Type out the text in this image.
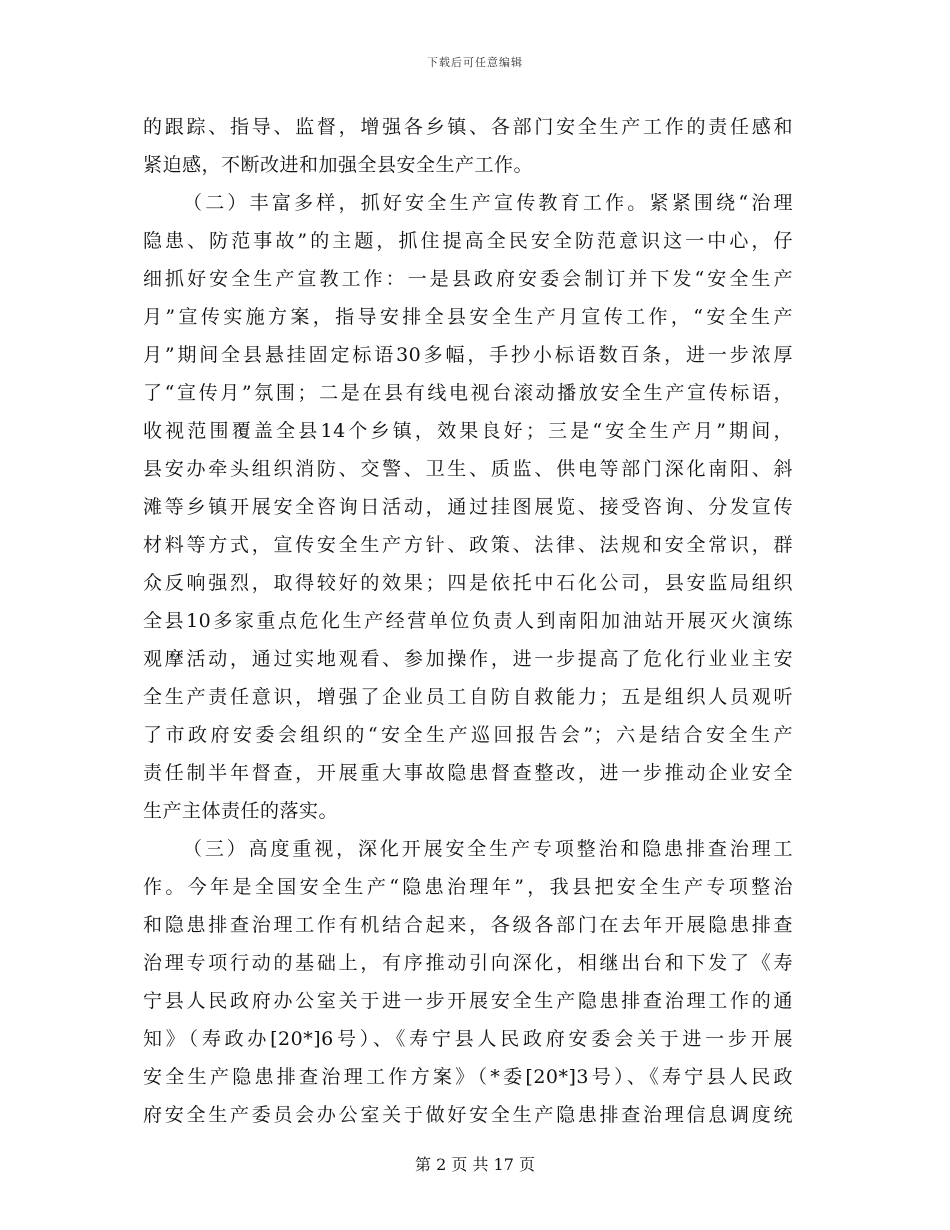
下载后可任意编辑
的跟踪、指导、监督，增强各乡镇、各部门安全生产工作的责任感和
紧迫感，不断改进和加强全县安全生产工作。
（二）丰富多样，抓好安全生产宣传教育工作。紧紧围绕“治理
隐患、防范事故”的主题，抓住提高全民安全防范意识这一中心，仔
细抓好安全生产宣教工作：一是县政府安委会制订并下发“安全生产
月”宣传实施方案，指导安排全县安全生产月宣传工作，“安全生产
月”期间全县悬挂固定标语30多幅，手抄小标语数百条，进一步浓厚
了“宣传月”氛围；二是在县有线电视台滚动播放安全生产宣传标语，
收视范围覆盖全县14个乡镇，效果良好；三是“安全生产月”期间，
县安办牵头组织消防、交警、卫生、质监、供电等部门深化南阳、斜
滩等乡镇开展安全咨询日活动，通过挂图展览、接受咨询、分发宣传
材料等方式，宣传安全生产方针、政策、法律、法规和安全常识，群
众反响强烈，取得较好的效果；四是依托中石化公司，县安监局组织
全县10多家重点危化生产经营单位负责人到南阳加油站开展灭火演练
观摩活动，通过实地观看、参加操作，进一步提高了危化行业业主安
全生产责任意识，增强了企业员工自防自救能力；五是组织人员观听
了市政府安委会组织的“安全生产巡回报告会”；六是结合安全生产
责任制半年督查，开展重大事故隐患督查整改，进一步推动企业安全
生产主体责任的落实。
（三）高度重视，深化开展安全生产专项整治和隐患排查治理工
作。今年是全国安全生产“隐患治理年”，我县把安全生产专项整治
和隐患排查治理工作有机结合起来，各级各部门在去年开展隐患排查
治理专项行动的基础上，有序推动引向深化，相继出台和下发了《寿
宁县人民政府办公室关于进一步开展安全生产隐患排查治理工作的通
知》（寿政办[20*]6号）、《寿宁县人民政府安委会关于进一步开展
安全生产隐患排查治理工作方案》（*委[20*]3号）、《寿宁县人民政
府安全生产委员会办公室关于做好安全生产隐患排查治理信息调度统
第 2 页 共 17 页
